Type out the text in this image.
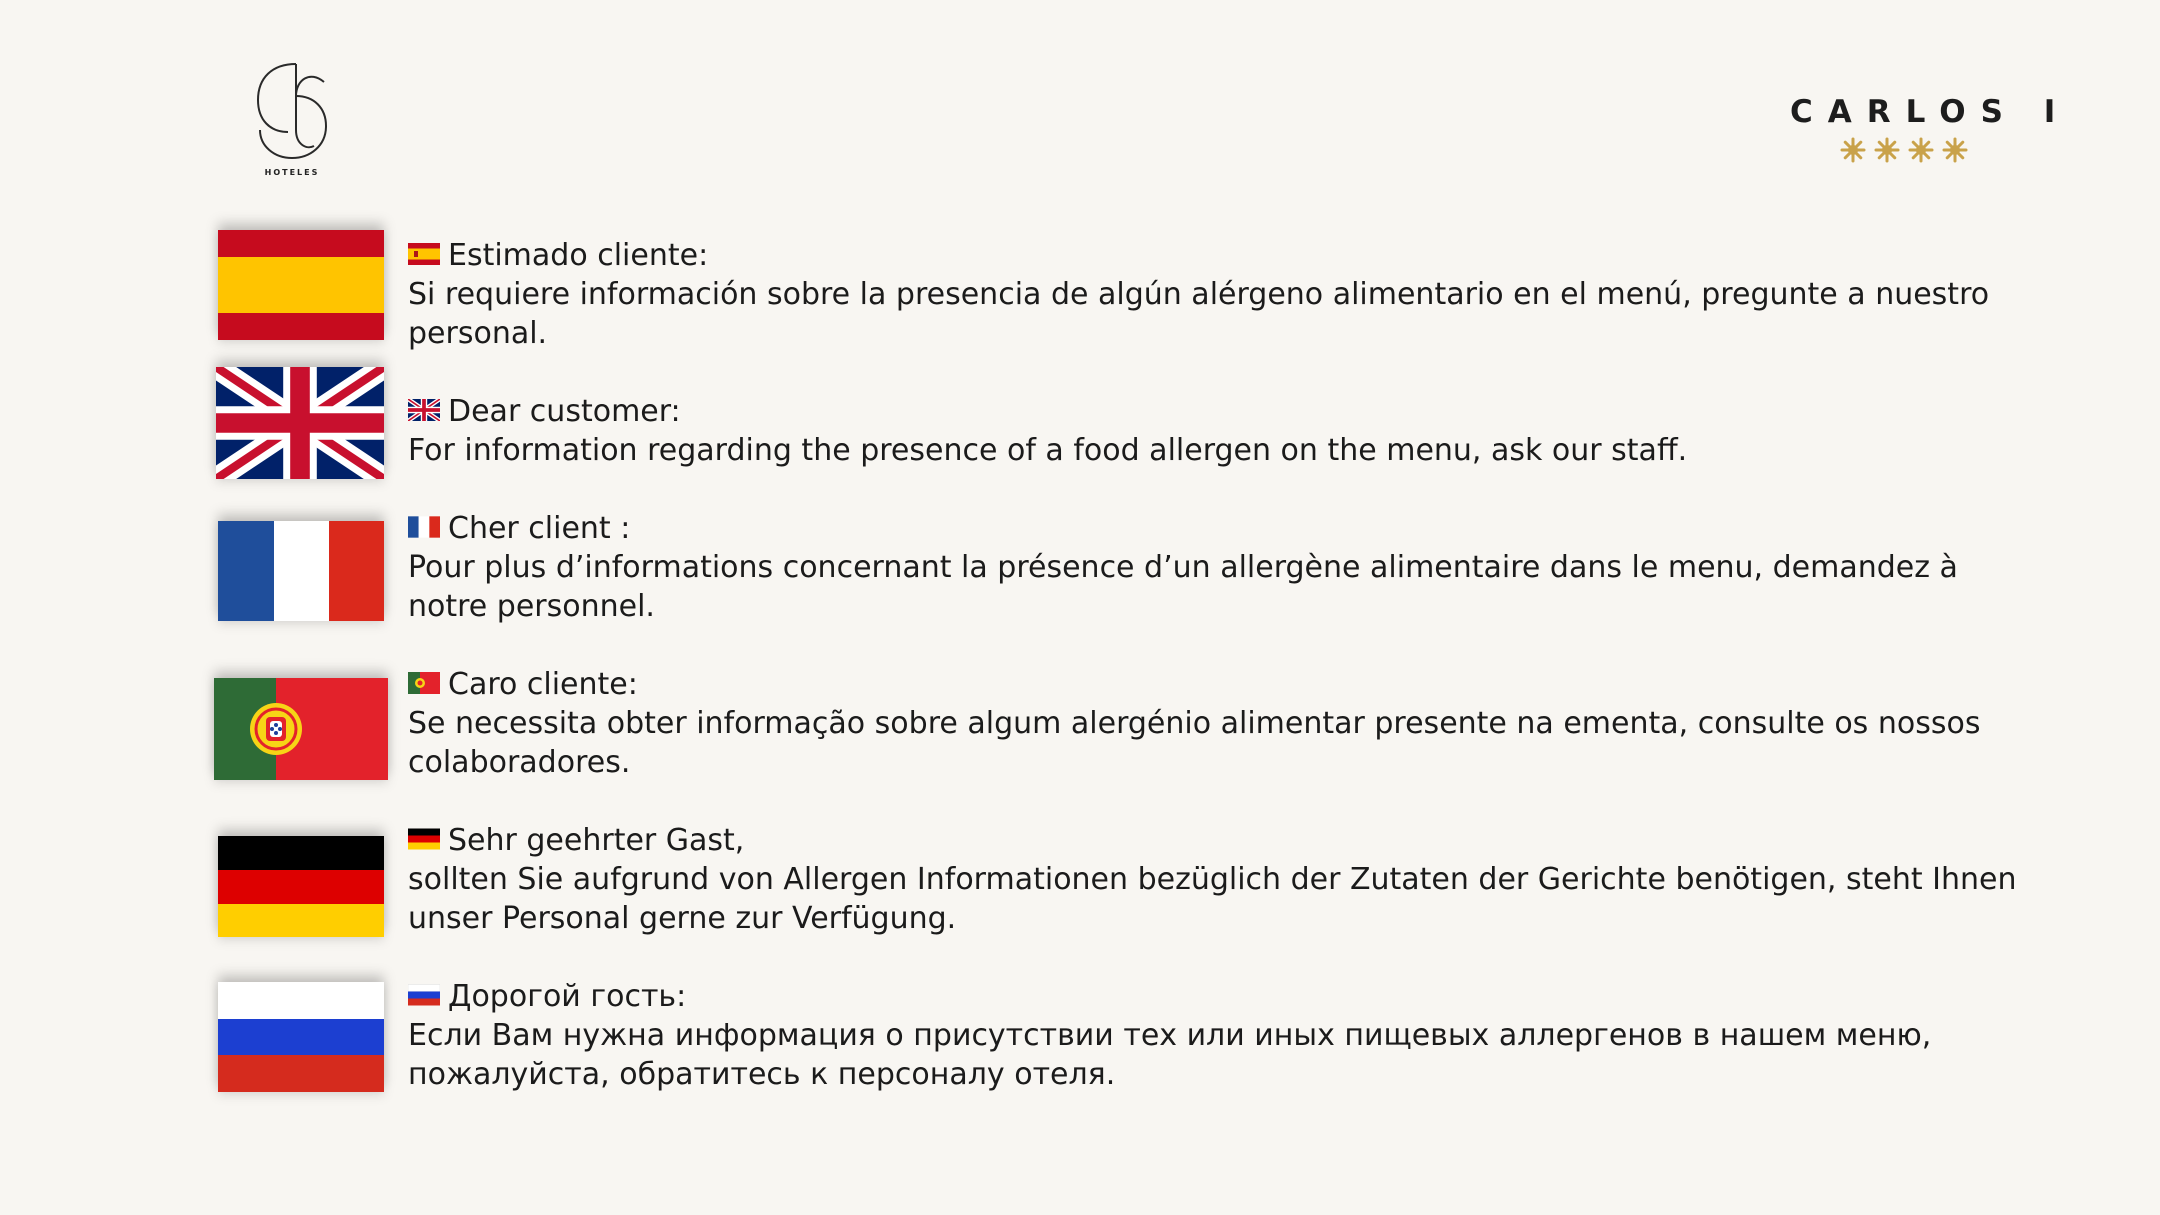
HOTELES
CARLOS I
Estimado cliente:

Si requiere información sobre la presencia de algún alérgeno alimentario en el menú, pregunte a nuestro personal.

Dear customer:

For information regarding the presence of a food allergen on the menu, ask our staff.

Cher client :

Pour plus d’informations concernant la présence d’un allergène alimentaire dans le menu, demandez à notre personnel.

Caro cliente:

Se necessita obter informação sobre algum alergénio alimentar presente na ementa, consulte os nossos colaboradores.

Sehr geehrter Gast,

sollten Sie aufgrund von Allergen Informationen bezüglich der Zutaten der Gerichte benötigen, steht Ihnen unser Personal gerne zur Verfügung.

Дорогой гость:

Если Вам нужна информация о присутствии тех или иных пищевых аллергенов в нашем меню, пожалуйста, обратитесь к персоналу отеля.
